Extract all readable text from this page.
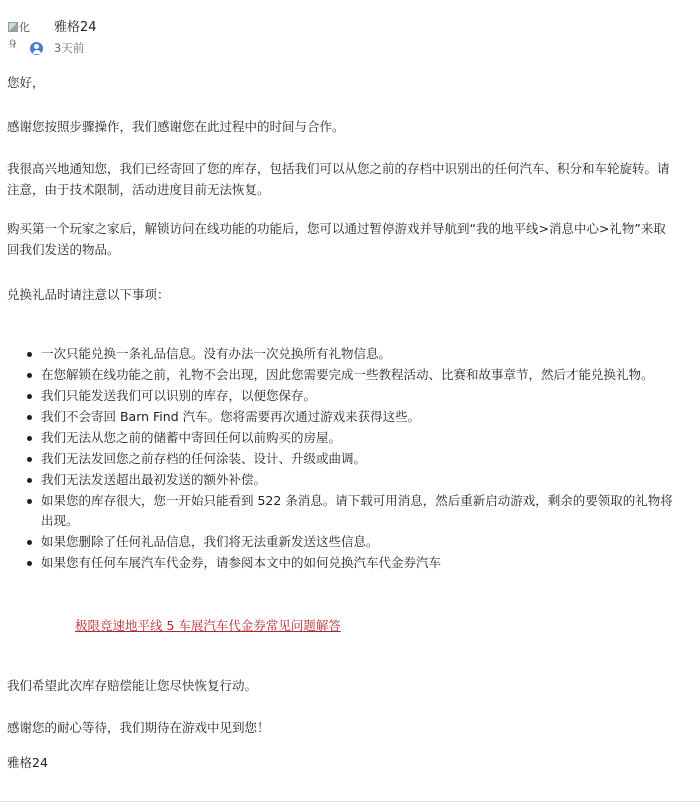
化
身
雅格24
3天前

您好，

感谢您按照步骤操作，我们感谢您在此过程中的时间与合作。

我很高兴地通知您，我们已经寄回了您的库存，包括我们可以从您之前的存档中识别出的任何汽车、积分和车轮旋转。请注意，由于技术限制，活动进度目前无法恢复。

购买第一个玩家之家后，解锁访问在线功能的功能后，您可以通过暂停游戏并导航到“我的地平线>消息中心>礼物”来取回我们发送的物品。

兑换礼品时请注意以下事项：

一次只能兑换一条礼品信息。没有办法一次兑换所有礼物信息。
在您解锁在线功能之前，礼物不会出现，因此您需要完成一些教程活动、比赛和故事章节，然后才能兑换礼物。
我们只能发送我们可以识别的库存，以便您保存。
我们不会寄回 Barn Find 汽车。您将需要再次通过游戏来获得这些。
我们无法从您之前的储蓄中寄回任何以前购买的房屋。
我们无法发回您之前存档的任何涂装、设计、升级或曲调。
我们无法发送超出最初发送的额外补偿。
如果您的库存很大，您一开始只能看到 522 条消息。请下载可用消息，然后重新启动游戏，剩余的要领取的礼物将出现。
如果您删除了任何礼品信息，我们将无法重新发送这些信息。
如果您有任何车展汽车代金券，请参阅本文中的如何兑换汽车代金券汽车
极限竞速地平线 5 车展汽车代金券常见问题解答

我们希望此次库存赔偿能让您尽快恢复行动。

感谢您的耐心等待，我们期待在游戏中见到您！

雅格24
